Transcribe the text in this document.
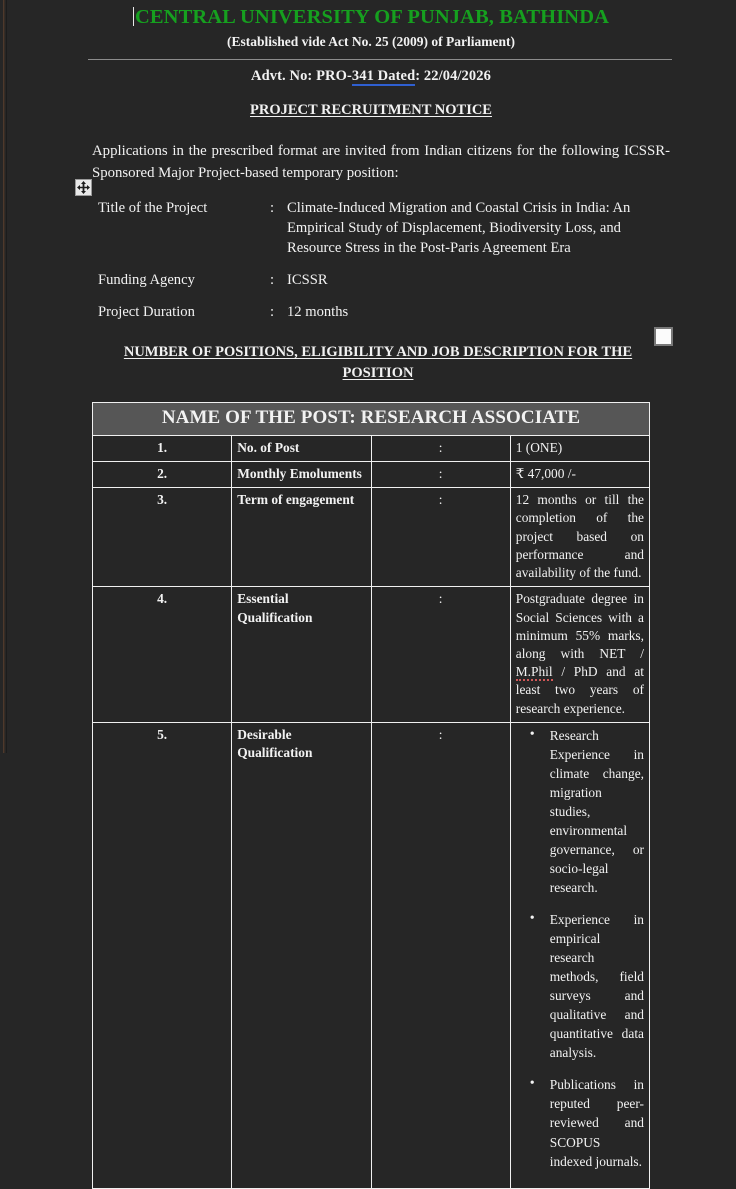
CENTRAL UNIVERSITY OF PUNJAB, BATHINDA
(Established vide Act No. 25 (2009) of Parliament)
Advt. No: PRO-341 Dated: 22/04/2026
PROJECT RECRUITMENT NOTICE
Applications in the prescribed format are invited from Indian citizens for the following ICSSR-Sponsored Major Project-based temporary position:
Title of the Project	: Climate-Induced Migration and Coastal Crisis in India: An
Empirical Study of Displacement, Biodiversity Loss, and
Resource Stress in the Post-Paris Agreement Era
Funding Agency	: ICSSR
Project Duration	: 12 months
NUMBER OF POSITIONS, ELIGIBILITY AND JOB DESCRIPTION FOR THE POSITION
NAME OF THE POST: RESEARCH ASSOCIATE			
1.	No. of Post	:	1 (ONE)
2.	Monthly Emoluments	:	₹ 47,000 /-
3.	Term of engagement	:	12 months or till the completion of the project based on performance and availability of the fund.
4.	Essential Qualification	:	Postgraduate degree in Social Sciences with a minimum 55% marks, along with NET / M.Phil / PhD and at least two years of research experience.
5.	Desirable Qualification	:	
•Research Experience in climate change, migration studies, environmental governance, or socio-legal research.
• Experience in empirical research methods, field surveys and qualitative and quantitative data analysis.
• Publications in reputed peer-reviewed and SCOPUS indexed journals.
